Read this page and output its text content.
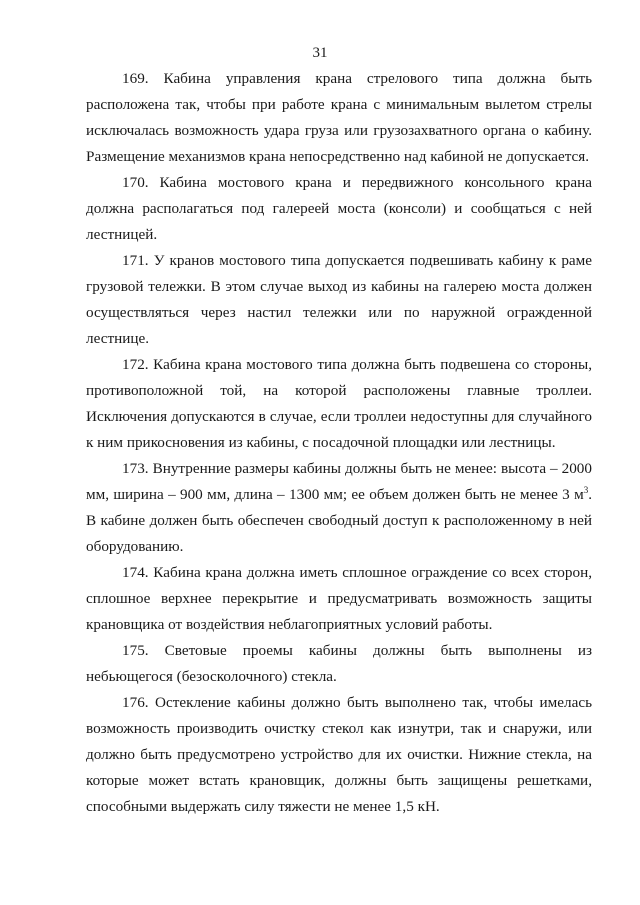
31

169. Кабина управления крана стрелового типа должна быть расположена так, чтобы при работе крана с минимальным вылетом стрелы исключалась возможность удара груза или грузозахватного органа о кабину. Размещение механизмов крана непосредственно над кабиной не допускается.

170. Кабина мостового крана и передвижного консольного крана должна располагаться под галереей моста (консоли) и сообщаться с ней лестницей.

171. У кранов мостового типа допускается подвешивать кабину к раме грузовой тележки. В этом случае выход из кабины на галерею моста должен осуществляться через настил тележки или по наружной огражденной лестнице.

172. Кабина крана мостового типа должна быть подвешена со стороны, противоположной той, на которой расположены главные троллеи. Исключения допускаются в случае, если троллеи недоступны для случайного к ним прикосновения из кабины, с посадочной площадки или лестницы.

173. Внутренние размеры кабины должны быть не менее: высота – 2000 мм, ширина – 900 мм, длина – 1300 мм; ее объем должен быть не менее 3 $м^3$. В кабине должен быть обеспечен свободный доступ к расположенному в ней оборудованию.

174. Кабина крана должна иметь сплошное ограждение со всех сторон, сплошное верхнее перекрытие и предусматривать возможность защиты крановщика от воздействия неблагоприятных условий работы.

175. Световые проемы кабины должны быть выполнены из небьющегося (безосколочного) стекла.

176. Остекление кабины должно быть выполнено так, чтобы имелась возможность производить очистку стекол как изнутри, так и снаружи, или должно быть предусмотрено устройство для их очистки. Нижние стекла, на которые может встать крановщик, должны быть защищены решетками, способными выдержать силу тяжести не менее 1,5 кН.
